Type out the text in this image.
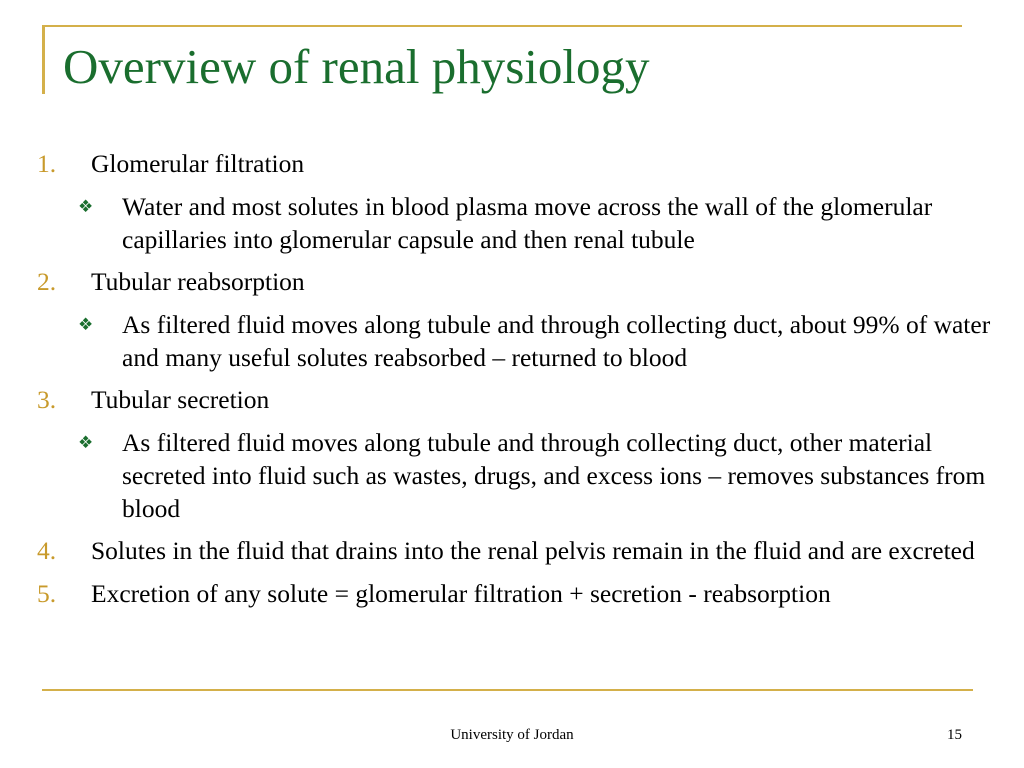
Overview of renal physiology
1. Glomerular filtration
❖ Water and most solutes in blood plasma move across the wall of the glomerular capillaries into glomerular capsule and then renal tubule
2. Tubular reabsorption
❖ As filtered fluid moves along tubule and through collecting duct, about 99% of water and many useful solutes reabsorbed – returned to blood
3. Tubular secretion
❖ As filtered fluid moves along tubule and through collecting duct, other material secreted into fluid such as wastes, drugs, and excess ions – removes substances from blood
4. Solutes in the fluid that drains into the renal pelvis remain in the fluid and are excreted
5. Excretion of any solute = glomerular filtration + secretion - reabsorption
University of Jordan	15
